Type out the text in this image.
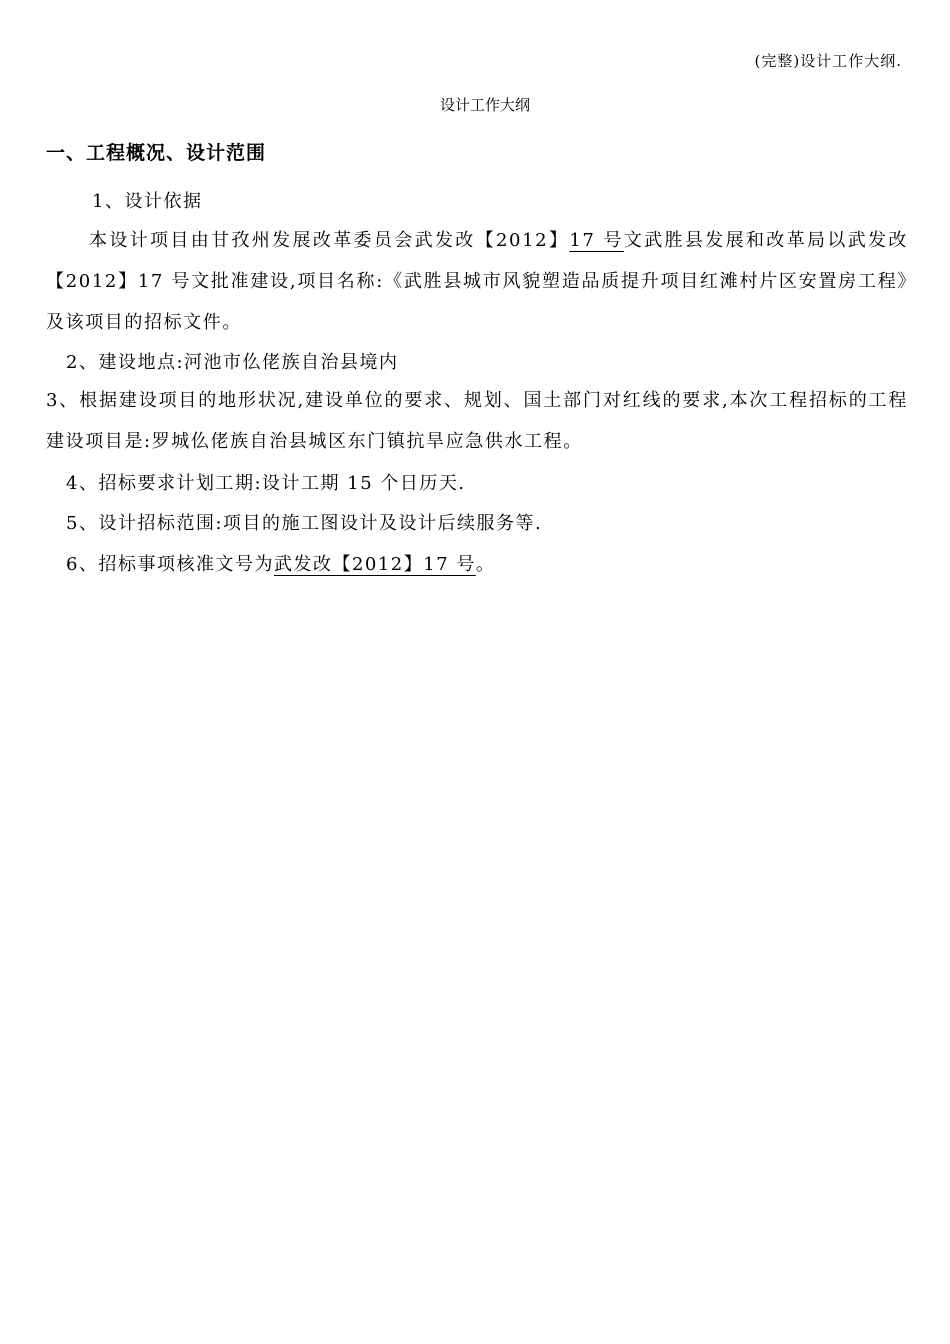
(完整)设计工作大纲.
设计工作大纲
一、工程概况、设计范围
1、设计依据
本设计项目由甘孜州发展改革委员会武发改【2012】17 号文武胜县发展和改革局以武发改【2012】17 号文批准建设,项目名称:《武胜县城市风貌塑造品质提升项目红滩村片区安置房工程》及该项目的招标文件。
2、建设地点:河池市仫佬族自治县境内
3、根据建设项目的地形状况,建设单位的要求、规划、国土部门对红线的要求,本次工程招标的工程建设项目是:罗城仫佬族自治县城区东门镇抗旱应急供水工程。
4、招标要求计划工期:设计工期 15 个日历天.
5、设计招标范围:项目的施工图设计及设计后续服务等.
6、招标事项核准文号为武发改【2012】17 号。
